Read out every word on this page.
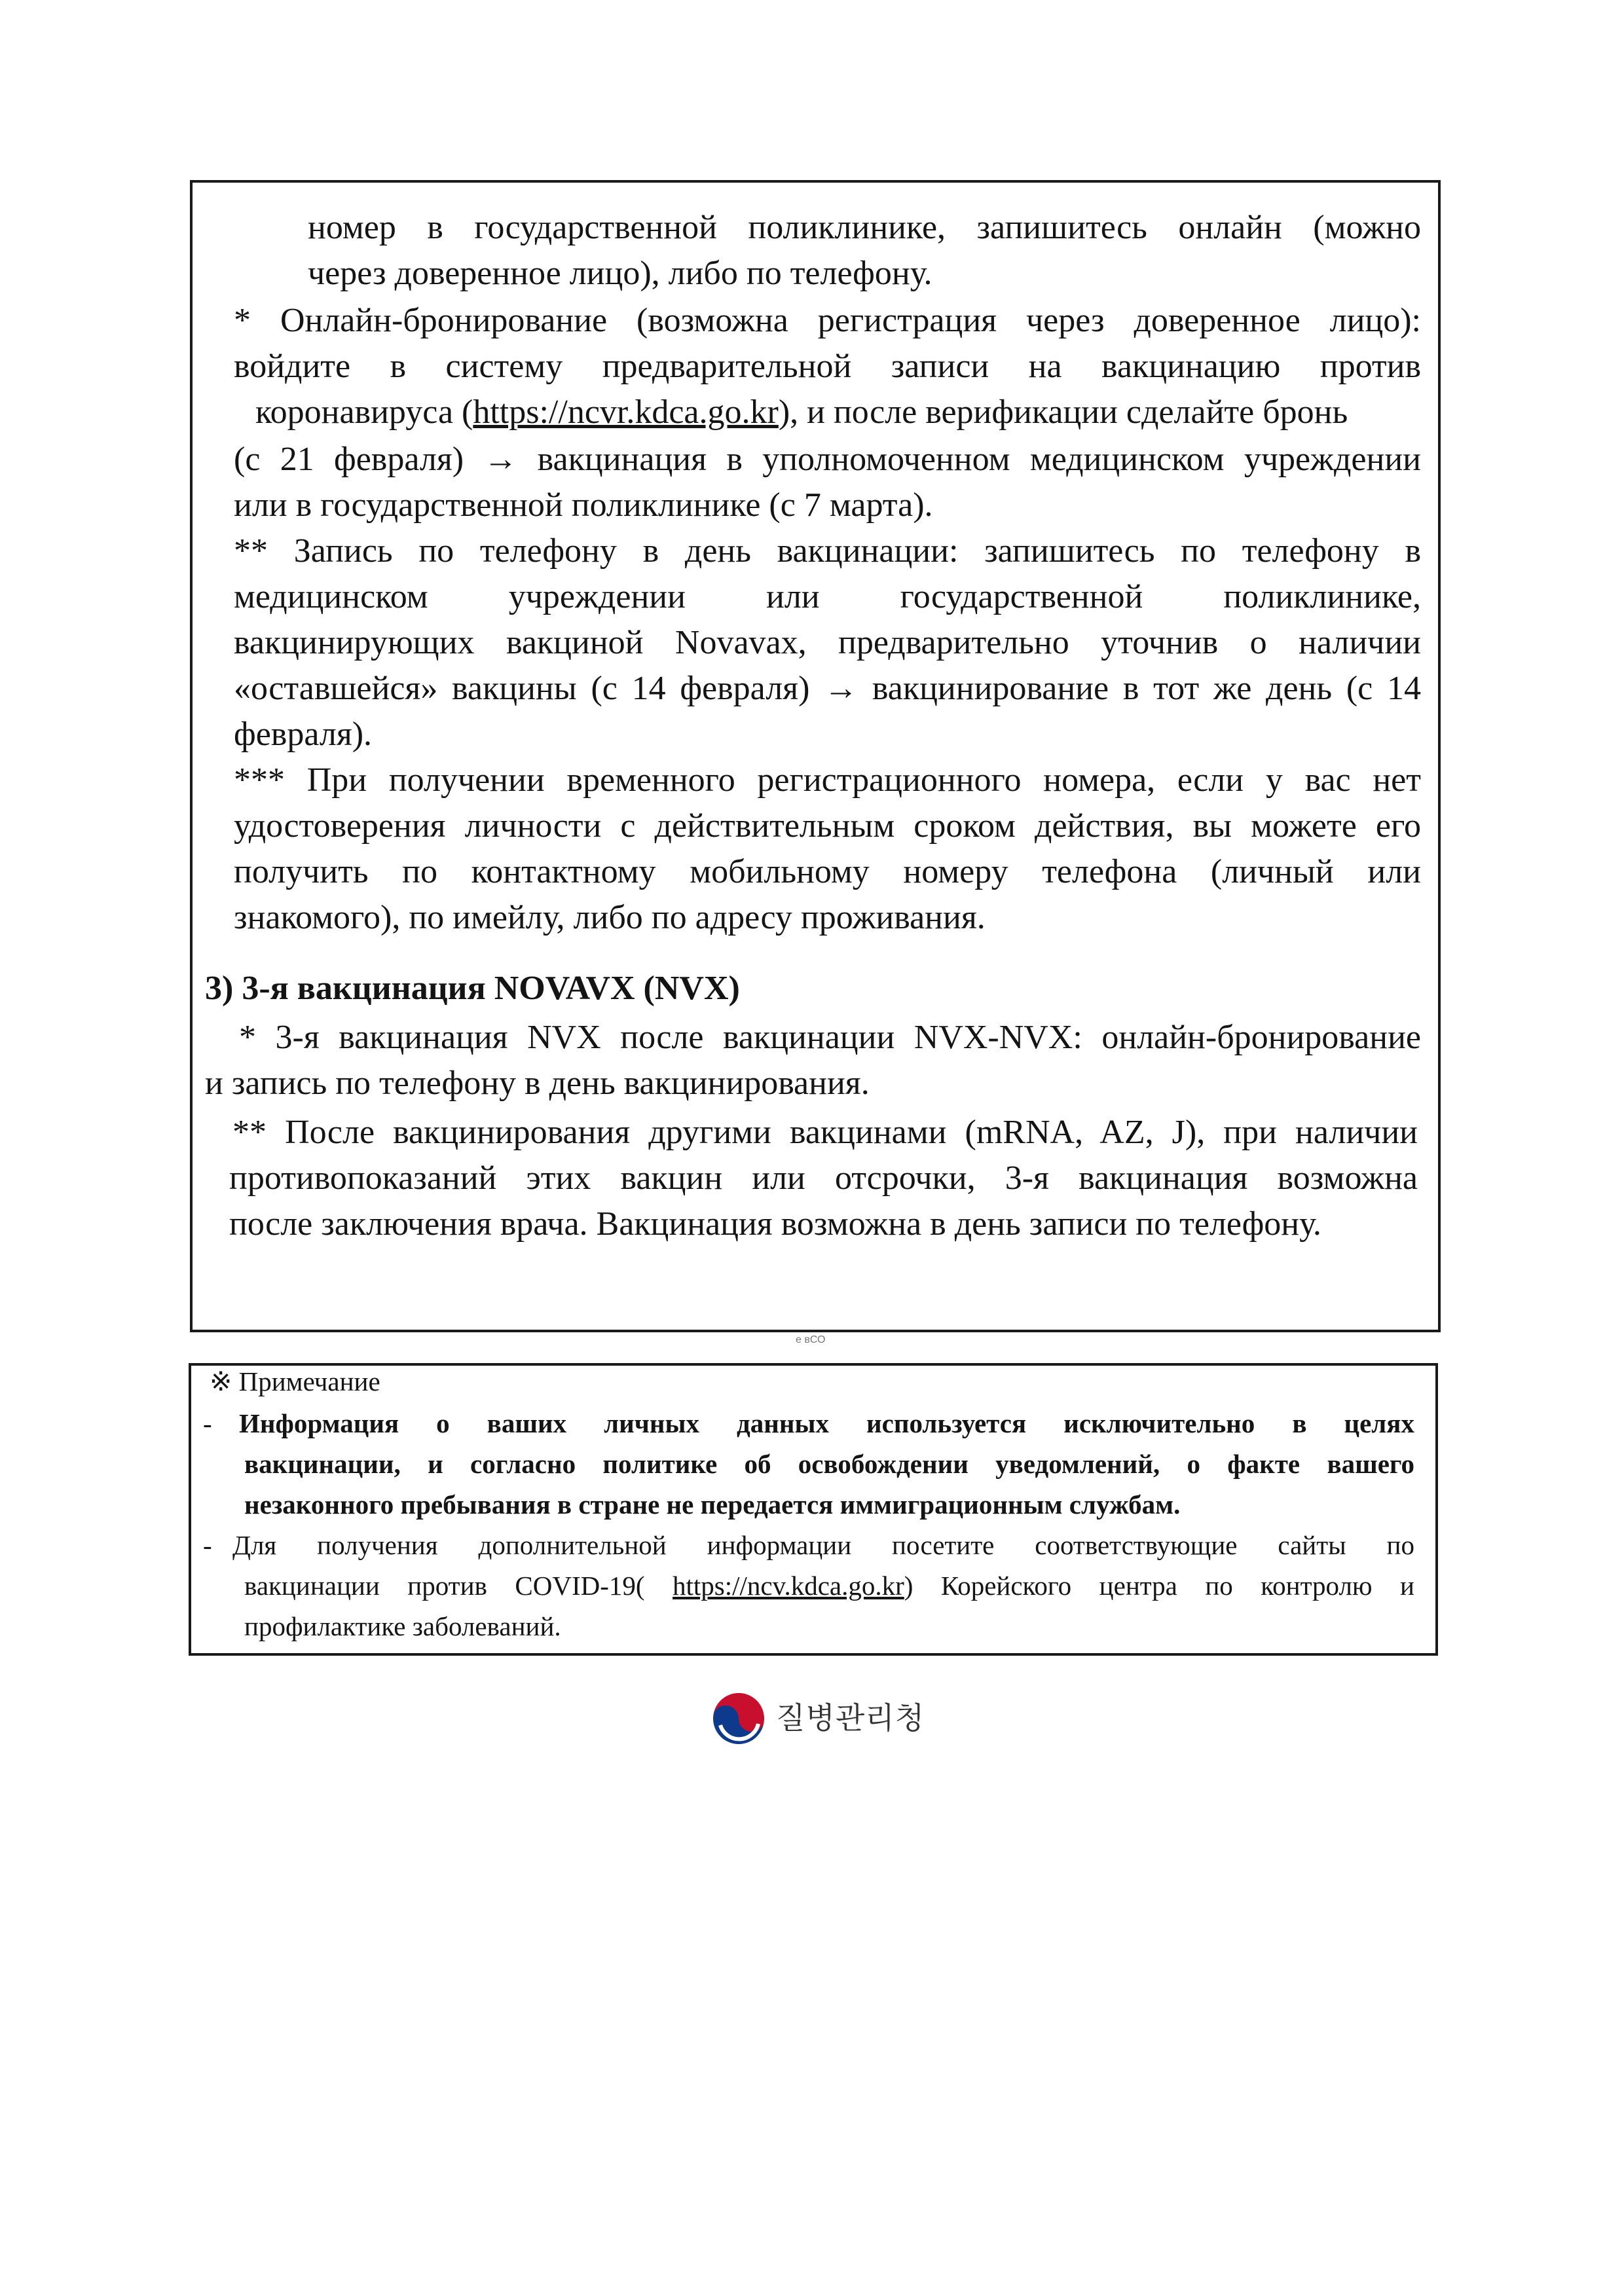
номер в государственной поликлинике, запишитесь онлайн (можно
через доверенное лицо), либо по телефону.
* Онлайн-бронирование (возможна регистрация через доверенное лицо):
войдите в систему предварительной записи на вакцинацию против
коронавируса (https://ncvr.kdca.go.kr), и после верификации сделайте бронь
(с 21 февраля) → вакцинация в уполномоченном медицинском учреждении
или в государственной поликлинике (с 7 марта).
** Запись по телефону в день вакцинации: запишитесь по телефону в
медицинском учреждении или государственной поликлинике,
вакцинирующих вакциной Novavax, предварительно уточнив о наличии
«оставшейся» вакцины (с 14 февраля) → вакцинирование в тот же день (с 14
февраля).
*** При получении временного регистрационного номера, если у вас нет
удостоверения личности с действительным сроком действия, вы можете его
получить по контактному мобильному номеру телефона (личный или
знакомого), по имейлу, либо по адресу проживания.
3) 3-я вакцинация NOVAVX (NVX)
* 3-я вакцинация NVX после вакцинации NVX-NVX: онлайн-бронирование
и запись по телефону в день вакцинирования.
** После вакцинирования другими вакцинами (mRNA, AZ, J), при наличии
противопоказаний этих вакцин или отсрочки, 3-я вакцинация возможна
после заключения врача. Вакцинация возможна в день записи по телефону.
e вСО
※ Примечание
- Информация о ваших личных данных используется исключительно в целях
вакцинации, и согласно политике об освобождении уведомлений, о факте вашего
незаконного пребывания в стране не передается иммиграционным службам.
- Для получения дополнительной информации посетите соответствующие сайты по
вакцинации против COVID-19( https://ncv.kdca.go.kr) Корейского центра по контролю и
профилактике заболеваний.
질병관리청
